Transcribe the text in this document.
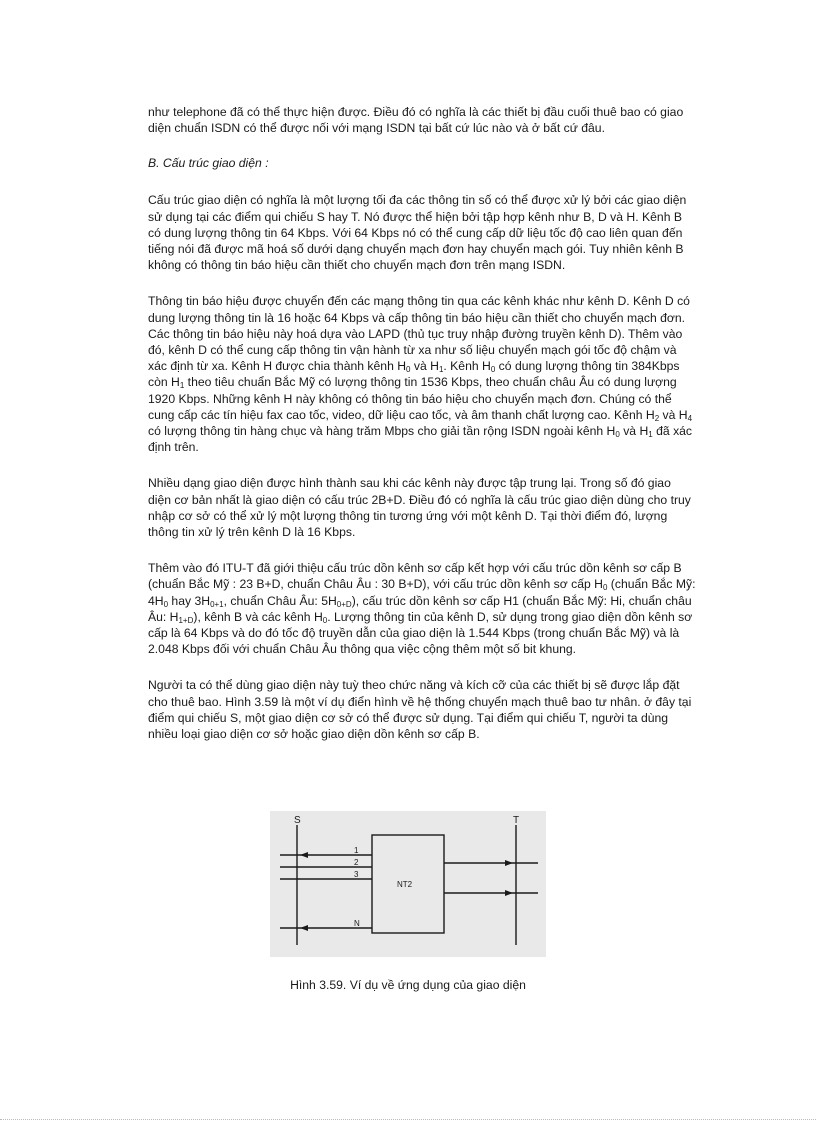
như telephone đã có thể thực hiện được. Điều đó có nghĩa là các thiết bị đầu cuối thuê bao có giao diện chuẩn ISDN có thể được nối với mạng ISDN tại bất cứ lúc nào và ở bất cứ đâu.

B. Cấu trúc giao diện :

Cấu trúc giao diện có nghĩa là một lượng tối đa các thông tin số có thể được xử lý bởi các giao diện sử dụng tại các điểm qui chiếu S hay T. Nó được thể hiện bởi tập hợp kênh như B, D và H. Kênh B có dung lượng thông tin 64 Kbps. Với 64 Kbps nó có thể cung cấp dữ liệu tốc độ cao liên quan đến tiếng nói đã được mã hoá số dưới dạng chuyển mạch đơn hay chuyển mạch gói. Tuy nhiên kênh B không có thông tin báo hiệu cần thiết cho chuyển mạch đơn trên mạng ISDN.

Thông tin báo hiệu được chuyển đến các mạng thông tin qua các kênh khác như kênh D. Kênh D có dung lượng thông tin là 16 hoặc 64 Kbps và cấp thông tin báo hiệu cần thiết cho chuyển mạch đơn. Các thông tin báo hiệu này hoá dựa vào LAPD (thủ tục truy nhập đường truyền kênh D). Thêm vào đó, kênh D có thể cung cấp thông tin vận hành từ xa như số liệu chuyển mạch gói tốc độ chậm và xác định từ xa. Kênh H được chia thành kênh $H_0$ và $H_1$. Kênh $H_0$ có dung lượng thông tin 384Kbps còn $H_1$ theo tiêu chuẩn Bắc Mỹ có lượng thông tin 1536 Kbps, theo chuẩn châu Âu có dung lượng 1920 Kbps. Những kênh H này không có thông tin báo hiệu cho chuyển mạch đơn. Chúng có thể cung cấp các tín hiệu fax cao tốc, video, dữ liệu cao tốc, và âm thanh chất lượng cao. Kênh $H_2$ và $H_4$ có lượng thông tin hàng chục và hàng trăm Mbps cho giải tần rộng ISDN ngoài kênh $H_0$ và $H_1$ đã xác định trên.

Nhiều dạng giao diện được hình thành sau khi các kênh này được tập trung lại. Trong số đó giao diện cơ bản nhất là giao diện có cấu trúc 2B+D. Điều đó có nghĩa là cấu trúc giao diện dùng cho truy nhập cơ sở có thể xử lý một lượng thông tin tương ứng với một kênh D. Tại thời điểm đó, lượng thông tin xử lý trên kênh D là 16 Kbps.

Thêm vào đó ITU-T đã giới thiệu cấu trúc dồn kênh sơ cấp kết hợp với cấu trúc dồn kênh sơ cấp B (chuẩn Bắc Mỹ : 23 B+D, chuẩn Châu Âu : 30 B+D), với cấu trúc dồn kênh sơ cấp $H_0$ (chuẩn Bắc Mỹ: $4H_0$ hay $3H_{0+1}$, chuẩn Châu Âu: $5H_{0+D}$), cấu trúc dồn kênh sơ cấp H1 (chuẩn Bắc Mỹ: Hi, chuẩn châu Âu: $H_{1+D}$), kênh B và các kênh $H_0$. Lượng thông tin của kênh D, sử dụng trong giao diện dồn kênh sơ cấp là 64 Kbps và do đó tốc độ truyền dẫn của giao diện là 1.544 Kbps (trong chuẩn Bắc Mỹ) và là 2.048 Kbps đối với chuẩn Châu Âu thông qua việc cộng thêm một số bit khung.

Người ta có thể dùng giao diện này tuỳ theo chức năng và kích cỡ của các thiết bị sẽ được lắp đặt cho thuê bao. Hình 3.59 là một ví dụ điển hình về hệ thống chuyển mạch thuê bao tư nhân. ở đây tại điểm qui chiếu S, một giao diện cơ sở có thể được sử dụng. Tại điểm qui chiếu T, người ta dùng nhiều loại giao diện cơ sở hoặc giao diện dồn kênh sơ cấp B.

S	T
NT2
1
2
3
N
Hình 3.59. Ví dụ về ứng dụng của giao diện
